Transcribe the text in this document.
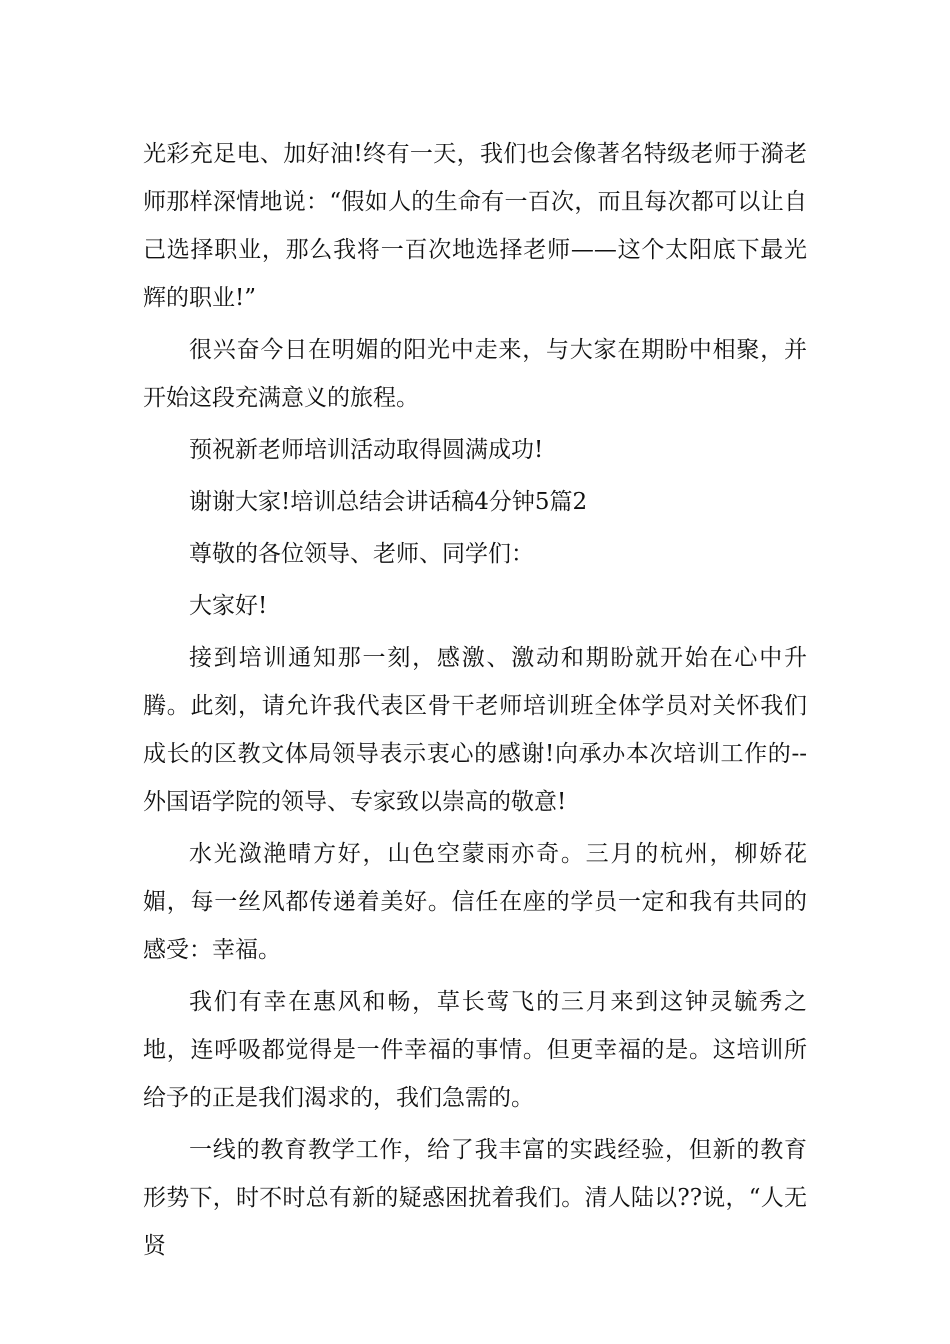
光彩充足电、加好油!终有一天，我们也会像著名特级老师于漪老师那样深情地说：“假如人的生命有一百次，而且每次都可以让自己选择职业，那么我将一百次地选择老师——这个太阳底下最光辉的职业!”

很兴奋今日在明媚的阳光中走来，与大家在期盼中相聚，并开始这段充满意义的旅程。

预祝新老师培训活动取得圆满成功!

谢谢大家!培训总结会讲话稿4分钟5篇2

尊敬的各位领导、老师、同学们：

大家好!

接到培训通知那一刻，感激、激动和期盼就开始在心中升腾。此刻，请允许我代表区骨干老师培训班全体学员对关怀我们成长的区教文体局领导表示衷心的感谢!向承办本次培训工作的--外国语学院的领导、专家致以崇高的敬意!

水光潋滟晴方好，山色空蒙雨亦奇。三月的杭州，柳娇花媚，每一丝风都传递着美好。信任在座的学员一定和我有共同的感受：幸福。

我们有幸在惠风和畅，草长莺飞的三月来到这钟灵毓秀之地，连呼吸都觉得是一件幸福的事情。但更幸福的是。这培训所给予的正是我们渴求的，我们急需的。

一线的教育教学工作，给了我丰富的实践经验，但新的教育形势下，时不时总有新的疑惑困扰着我们。清人陆以??说，“人无贤
